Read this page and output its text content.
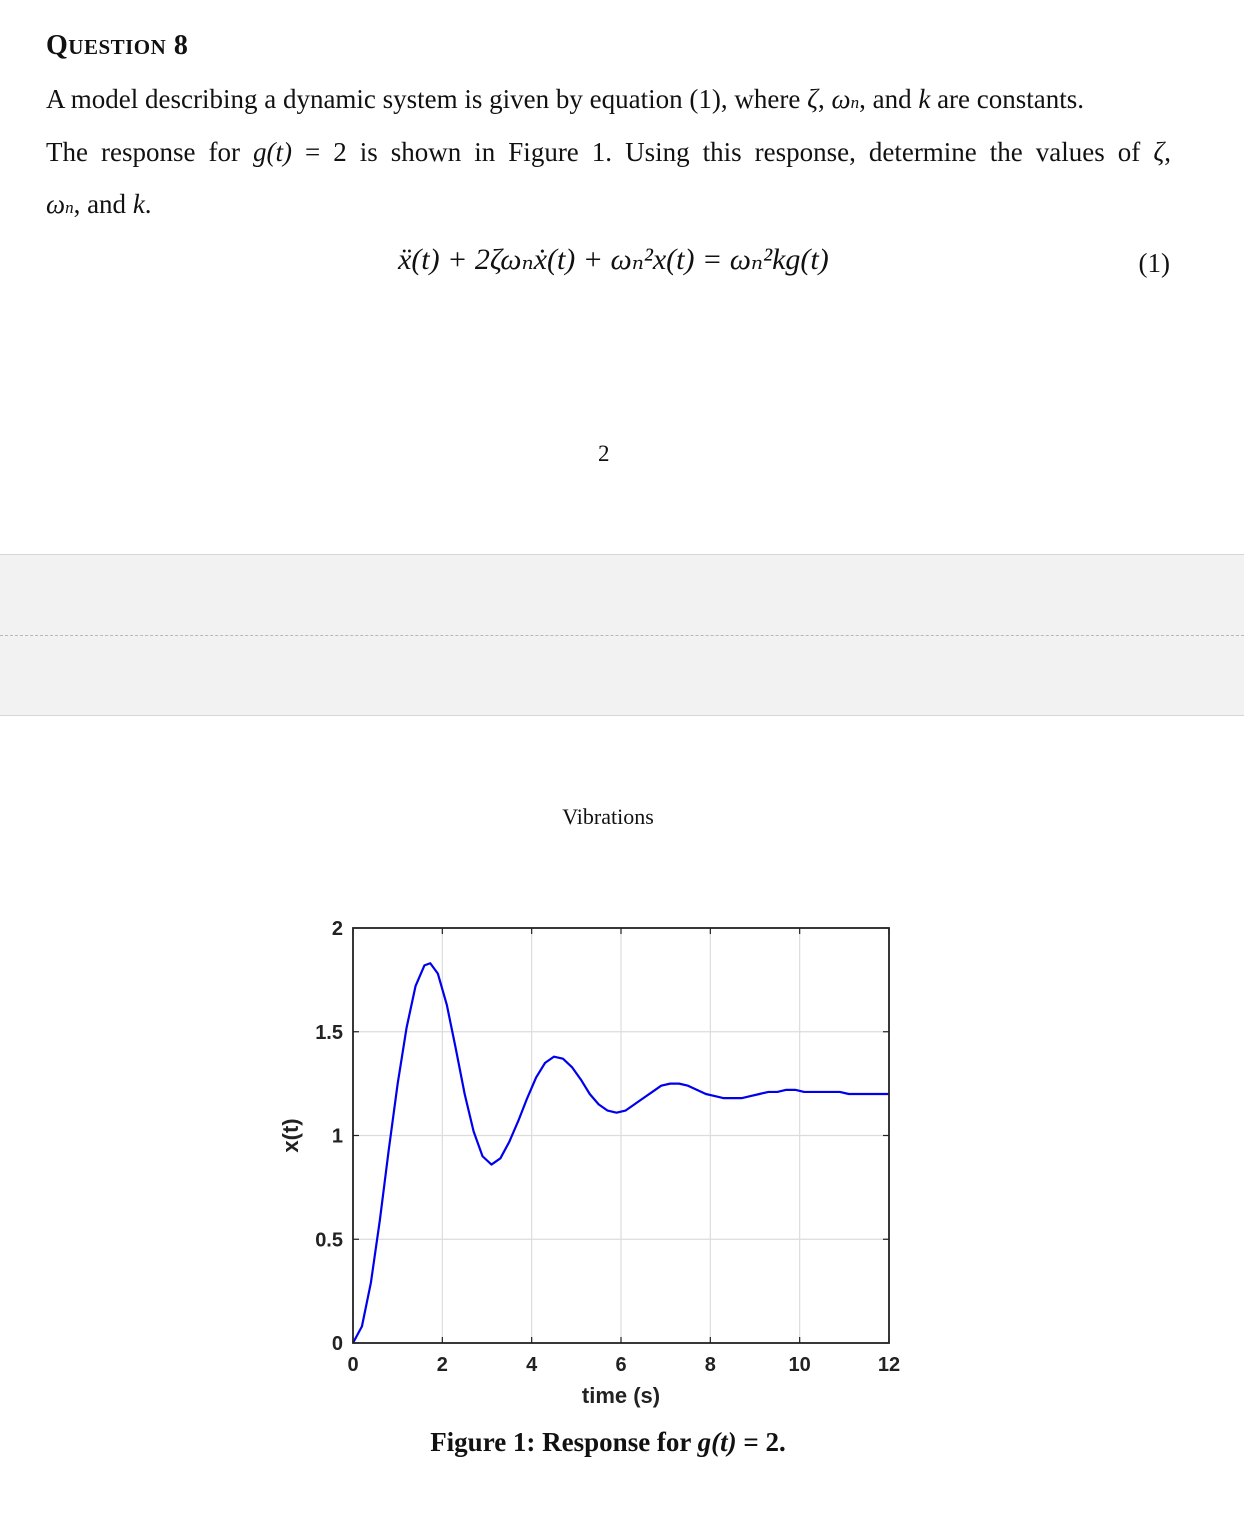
QUESTION 8
A model describing a dynamic system is given by equation (1), where ζ, ωn, and k are constants.
The response for g(t) = 2 is shown in Figure 1. Using this response, determine the values of ζ,
ωn, and k.
ẍ(t) + 2ζωₙẋ(t) + ωₙ²x(t) = ωₙ²kg(t)	(1)
2
Vibrations
0	2	4	6	8	10	12
0
0.5
1
1.5
2
time (s)
x(t)
Figure 1: Response for g(t) = 2.
